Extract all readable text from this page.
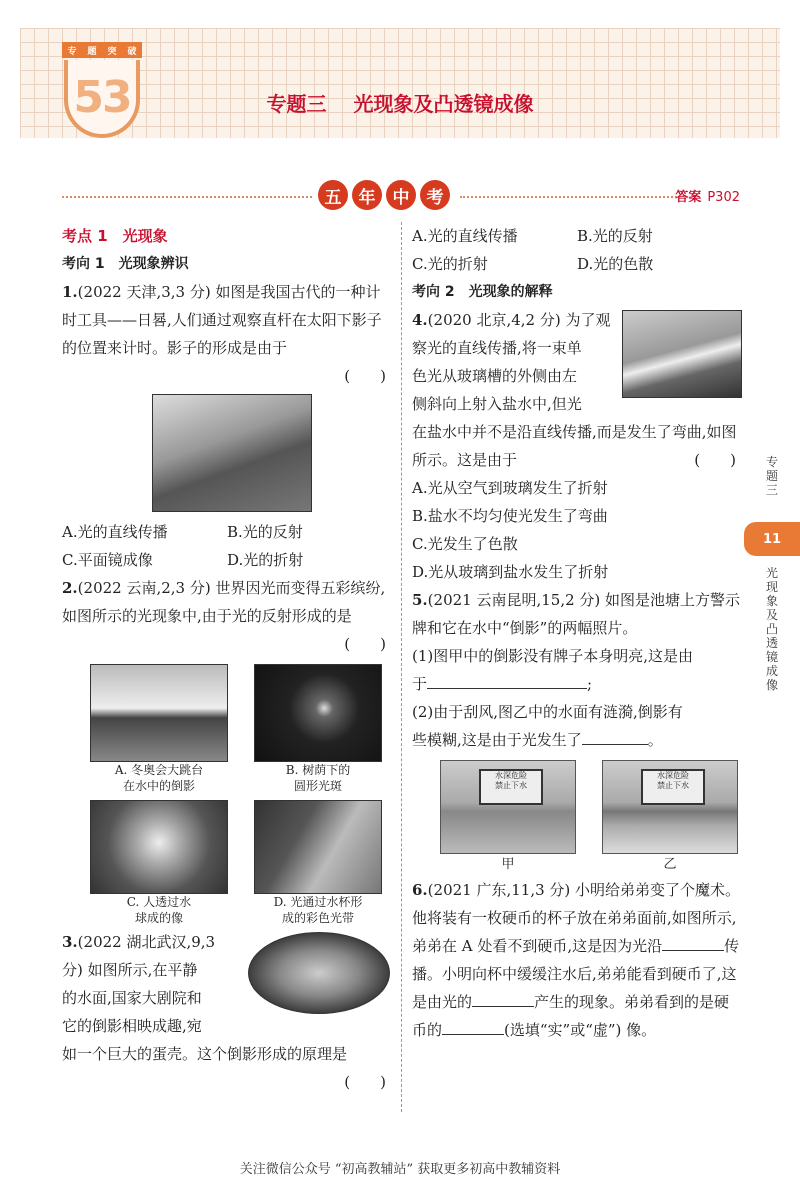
专 题 突 破
53	专题三 光现象及凸透镜成像
五	年	中	考	答案 P302
考点 1　光现象
考向 1　光现象辨识
1.(2022 天津,3,3 分) 如图是我国古代的一种计时工具——日晷,人们通过观察直杆在太阳下影子的位置来计时。影子的形成是由于
(　　)
A.光的直线传播	B.光的反射
C.平面镜成像	D.光的折射
2.(2022 云南,2,3 分) 世界因光而变得五彩缤纷,如图所示的光现象中,由于光的反射形成的是
(　　)
A. 冬奥会大跳台
在水中的倒影
B. 树荫下的
圆形光斑
C. 人透过水
球成的像
D. 光通过水杯形
成的彩色光带
3.(2022 湖北武汉,9,3
分) 如图所示,在平静
的水面,国家大剧院和
它的倒影相映成趣,宛
如一个巨大的蛋壳。这个倒影形成的原理是
(　　)
A.光的直线传播	B.光的反射
C.光的折射	D.光的色散
考向 2　光现象的解释
4.(2020 北京,4,2 分) 为了观
察光的直线传播,将一束单
色光从玻璃槽的外侧由左
侧斜向上射入盐水中,但光
在盐水中并不是沿直线传播,而是发生了弯曲,如图所示。这是由于	(　　)
A.光从空气到玻璃发生了折射
B.盐水不均匀使光发生了弯曲
C.光发生了色散
D.光从玻璃到盐水发生了折射
5.(2021 云南昆明,15,2 分) 如图是池塘上方警示牌和它在水中“倒影”的两幅照片。
(1)图甲中的倒影没有牌子本身明亮,这是由
于	;
(2)由于刮风,图乙中的水面有涟漪,倒影有
些模糊,这是由于光发生了	。
水深危险
禁止下水
甲
水深危险
禁止下水
乙
6.(2021 广东,11,3 分) 小明给弟弟变了个魔术。他将装有一枚硬币的杯子放在弟弟面前,如图所示,弟弟在 A 处看不到硬币,这是因为光沿	传播。小明向杯中缓缓注水后,弟弟能看到硬币了,这是由光的	产生的现象。弟弟看到的是硬币的	(选填“实”或“虚”) 像。
专题三
11
光现象及凸透镜成像
关注微信公众号 “初高教辅站” 获取更多初高中教辅资料
